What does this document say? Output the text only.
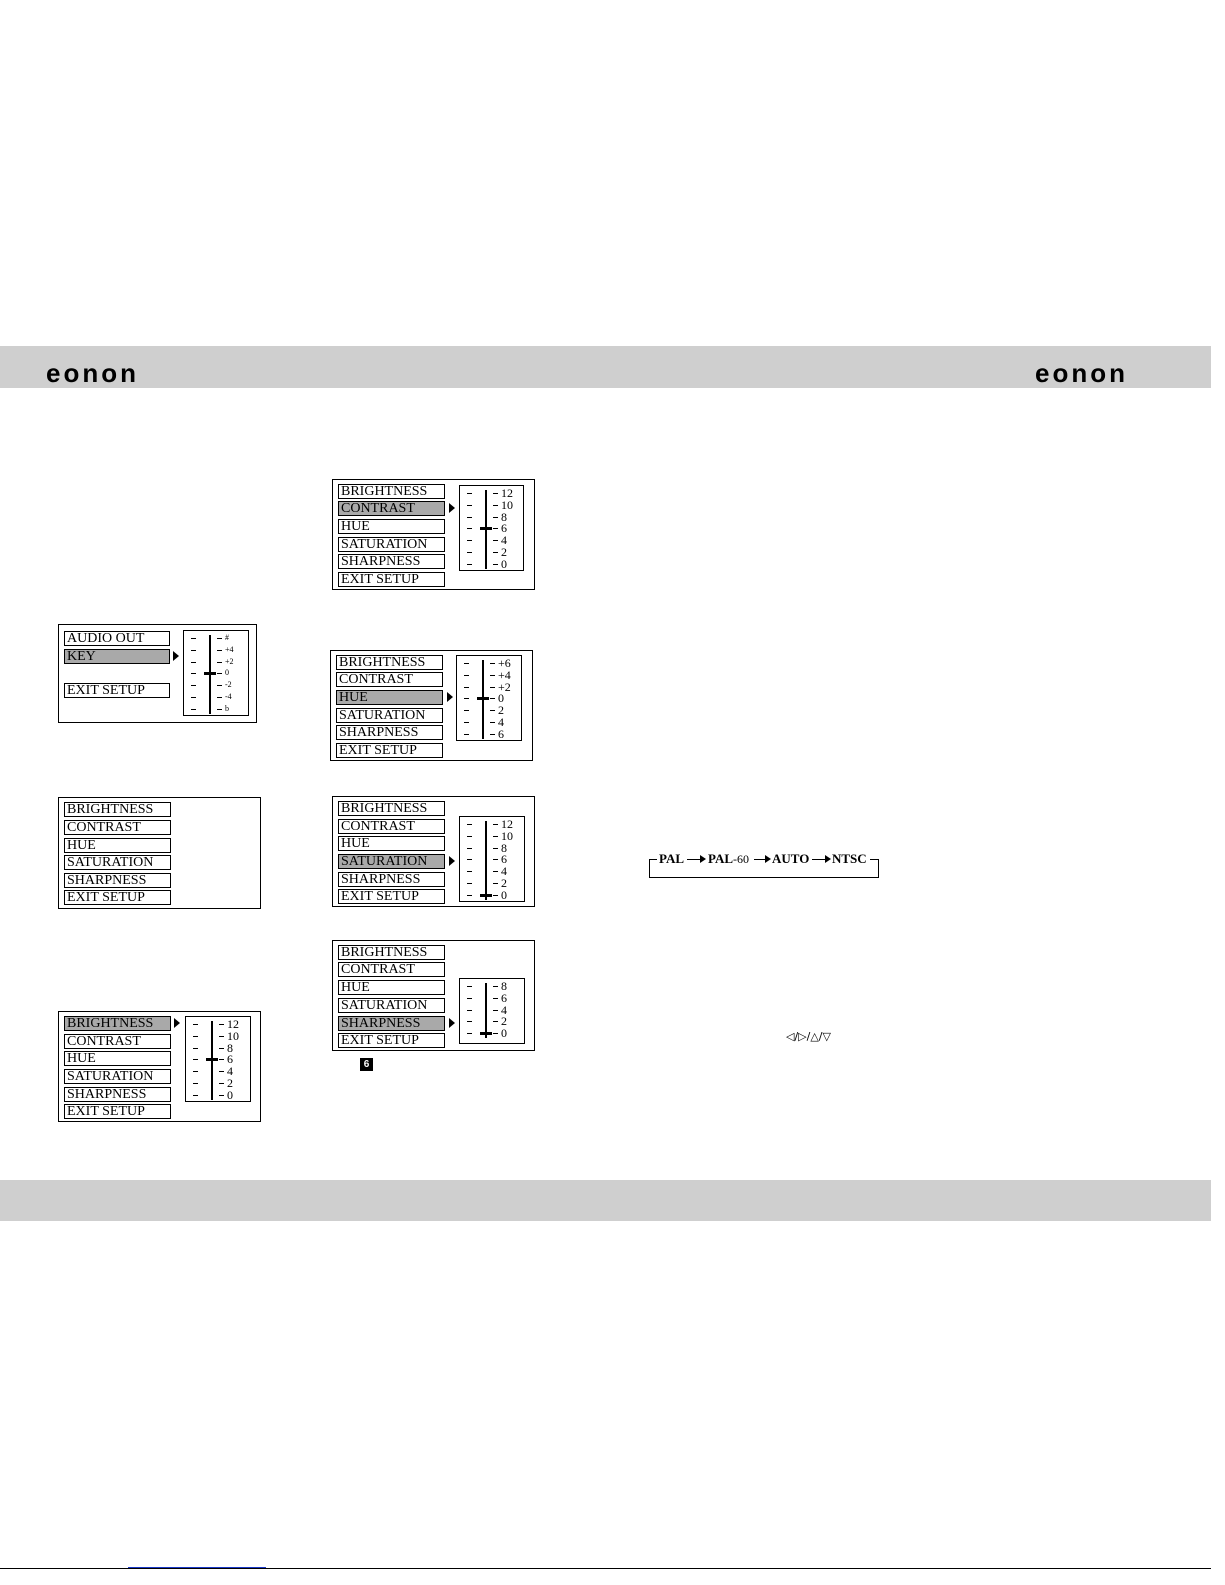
eonon	eonon
AUDIO OUT
KEY
EXIT SETUP
#
+4
+2
0
-2
-4
b
BRIGHTNESS
CONTRAST
HUE
SATURATION
SHARPNESS
EXIT SETUP
BRIGHTNESS
CONTRAST
HUE
SATURATION
SHARPNESS
EXIT SETUP
12
10
8
6
4
2
0
BRIGHTNESS
CONTRAST
HUE
SATURATION
SHARPNESS
EXIT SETUP
12
10
8
6
4
2
0
BRIGHTNESS
CONTRAST
HUE
SATURATION
SHARPNESS
EXIT SETUP
+6
+4
+2
0
2
4
6
BRIGHTNESS
CONTRAST
HUE
SATURATION
SHARPNESS
EXIT SETUP
12
10
8
6
4
2
0
BRIGHTNESS
CONTRAST
HUE
SATURATION
SHARPNESS
EXIT SETUP
8
6
4
2
0
6
PAL PAL-60 AUTO NTSC
◁/▷/△/▽
